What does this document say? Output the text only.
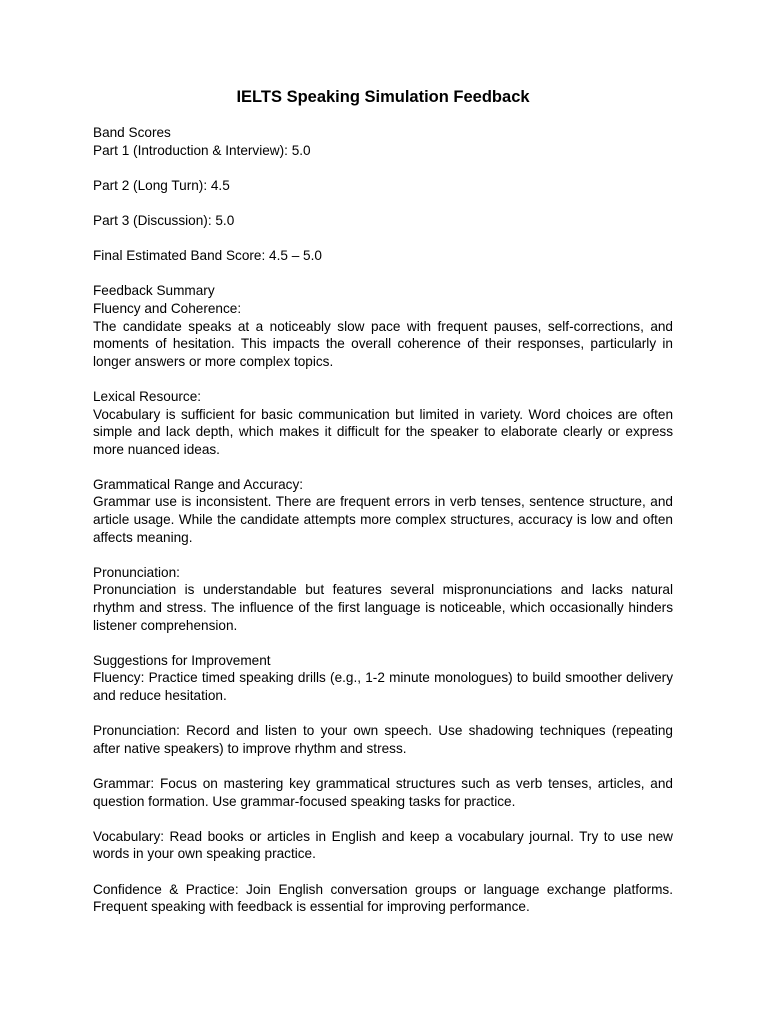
IELTS Speaking Simulation Feedback
Band Scores
Part 1 (Introduction & Interview): 5.0
Part 2 (Long Turn): 4.5
Part 3 (Discussion): 5.0
Final Estimated Band Score: 4.5 – 5.0
Feedback Summary
Fluency and Coherence:

The candidate speaks at a noticeably slow pace with frequent pauses, self-corrections, and moments of hesitation. This impacts the overall coherence of their responses, particularly in longer answers or more complex topics.

Lexical Resource:

Vocabulary is sufficient for basic communication but limited in variety. Word choices are often simple and lack depth, which makes it difficult for the speaker to elaborate clearly or express more nuanced ideas.

Grammatical Range and Accuracy:

Grammar use is inconsistent. There are frequent errors in verb tenses, sentence structure, and article usage. While the candidate attempts more complex structures, accuracy is low and often affects meaning.

Pronunciation:

Pronunciation is understandable but features several mispronunciations and lacks natural rhythm and stress. The influence of the first language is noticeable, which occasionally hinders listener comprehension.

Suggestions for Improvement

Fluency: Practice timed speaking drills (e.g., 1-2 minute monologues) to build smoother delivery and reduce hesitation.

Pronunciation: Record and listen to your own speech. Use shadowing techniques (repeating after native speakers) to improve rhythm and stress.

Grammar: Focus on mastering key grammatical structures such as verb tenses, articles, and question formation. Use grammar-focused speaking tasks for practice.

Vocabulary: Read books or articles in English and keep a vocabulary journal. Try to use new words in your own speaking practice.

Confidence & Practice: Join English conversation groups or language exchange platforms. Frequent speaking with feedback is essential for improving performance.
